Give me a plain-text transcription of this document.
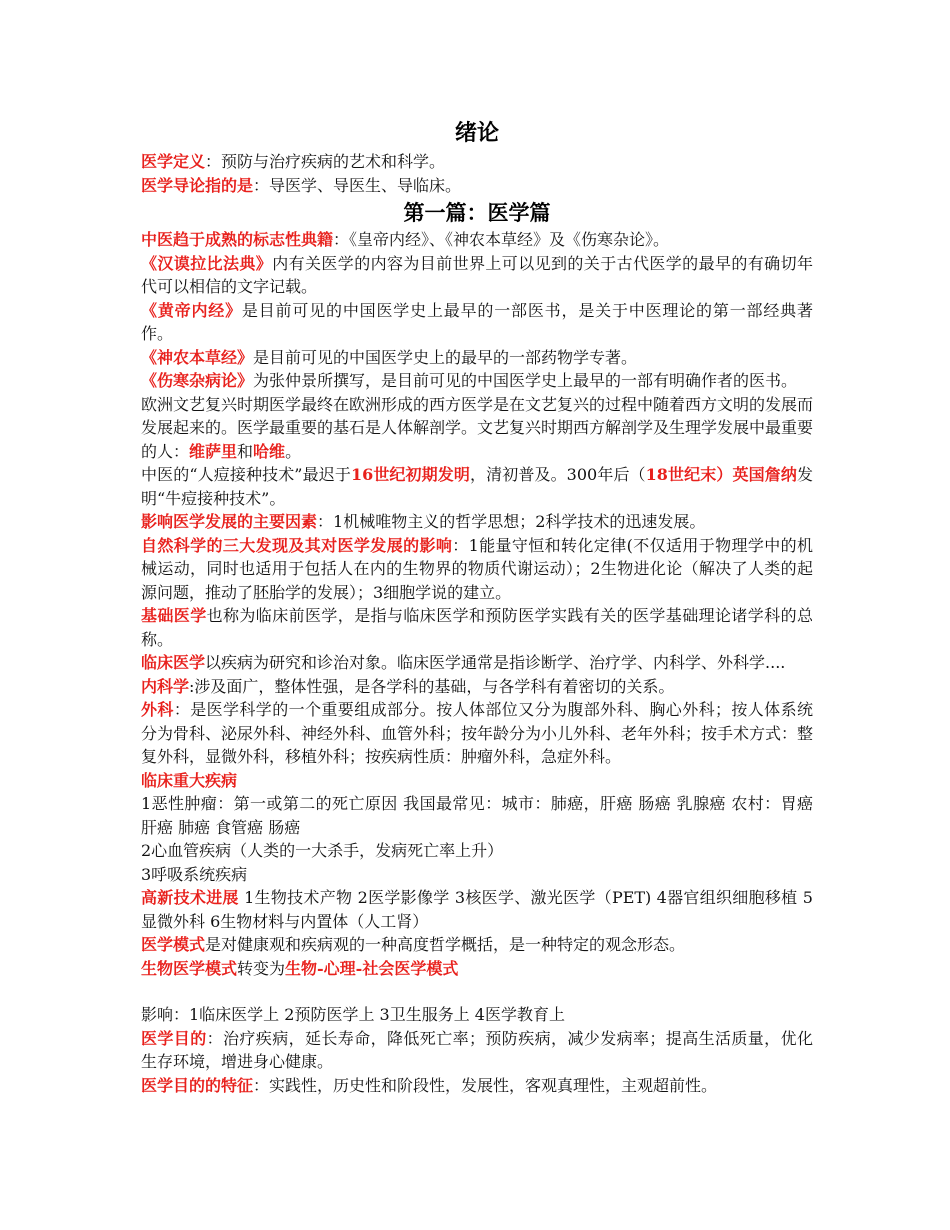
绪论

医学定义：预防与治疗疾病的艺术和科学。

医学导论指的是：导医学、导医生、导临床。

第一篇：医学篇

中医趋于成熟的标志性典籍：《皇帝内经》、《神农本草经》及《伤寒杂论》。

《汉谟拉比法典》内有关医学的内容为目前世界上可以见到的关于古代医学的最早的有确切年代可以相信的文字记载。

《黄帝内经》是目前可见的中国医学史上最早的一部医书，是关于中医理论的第一部经典著作。

《神农本草经》是目前可见的中国医学史上的最早的一部药物学专著。

《伤寒杂病论》为张仲景所撰写，是目前可见的中国医学史上最早的一部有明确作者的医书。

欧洲文艺复兴时期医学最终在欧洲形成的西方医学是在文艺复兴的过程中随着西方文明的发展而发展起来的。医学最重要的基石是人体解剖学。文艺复兴时期西方解剖学及生理学发展中最重要的人：维萨里和哈维。

中医的“人痘接种技术”最迟于16世纪初期发明，清初普及。300年后（18世纪末）英国詹纳发明“牛痘接种技术”。

影响医学发展的主要因素：1机械唯物主义的哲学思想；2科学技术的迅速发展。

自然科学的三大发现及其对医学发展的影响：1能量守恒和转化定律(不仅适用于物理学中的机械运动，同时也适用于包括人在内的生物界的物质代谢运动）；2生物进化论（解决了人类的起源问题，推动了胚胎学的发展）；3细胞学说的建立。

基础医学也称为临床前医学，是指与临床医学和预防医学实践有关的医学基础理论诸学科的总称。

临床医学以疾病为研究和诊治对象。临床医学通常是指诊断学、治疗学、内科学、外科学....

内科学:涉及面广，整体性强，是各学科的基础，与各学科有着密切的关系。

外科：是医学科学的一个重要组成部分。按人体部位又分为腹部外科、胸心外科；按人体系统分为骨科、泌尿外科、神经外科、血管外科；按年龄分为小儿外科、老年外科；按手术方式：整复外科，显微外科，移植外科；按疾病性质：肿瘤外科，急症外科。

临床重大疾病

1恶性肿瘤：第一或第二的死亡原因 我国最常见：城市：肺癌，肝癌 肠癌 乳腺癌 农村：胃癌 肝癌 肺癌 食管癌 肠癌

2心血管疾病（人类的一大杀手，发病死亡率上升）

3呼吸系统疾病

高新技术进展 1生物技术产物 2医学影像学 3核医学、激光医学（PET) 4器官组织细胞移植 5显微外科 6生物材料与内置体（人工肾）

医学模式是对健康观和疾病观的一种高度哲学概括，是一种特定的观念形态。

生物医学模式转变为生物-心理-社会医学模式

影响：1临床医学上 2预防医学上 3卫生服务上 4医学教育上

医学目的：治疗疾病，延长寿命，降低死亡率；预防疾病，减少发病率；提高生活质量，优化生存环境，增进身心健康。

医学目的的特征：实践性，历史性和阶段性，发展性，客观真理性，主观超前性。
